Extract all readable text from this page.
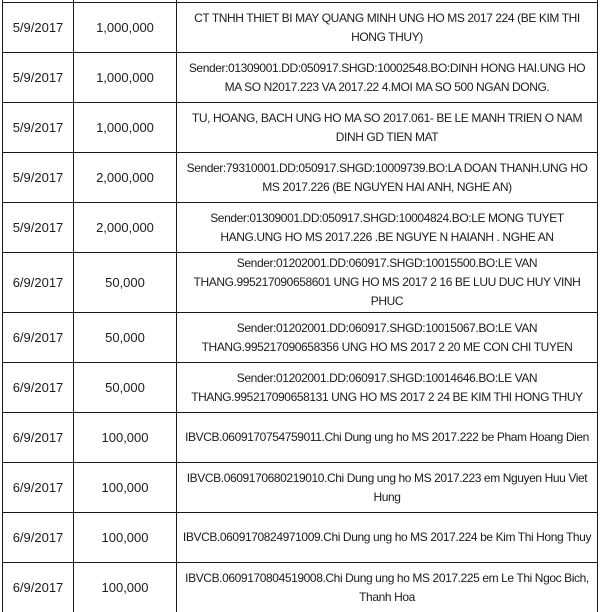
5/9/2017	1,000,000	CT TNHH THIET BI MAY QUANG MINH UNG HO MS 2017 224 (BE KIM THI HONG THUY)
5/9/2017	1,000,000	Sender:01309001.DD:050917.SHGD:10002548.BO:DINH HONG HAI.UNG HO MA SO N2017.223 VA 2017.22 4.MOI MA SO 500 NGAN DONG.
5/9/2017	1,000,000	TU, HOANG, BACH UNG HO MA SO 2017.061- BE LE MANH TRIEN O NAM DINH GD TIEN MAT
5/9/2017	2,000,000	Sender:79310001.DD:050917.SHGD:10009739.BO:LA DOAN THANH.UNG HO MS 2017.226 (BE NGUYEN HAI ANH, NGHE AN)
5/9/2017	2,000,000	Sender:01309001.DD:050917.SHGD:10004824.BO:LE MONG TUYET HANG.UNG HO MS 2017.226 .BE NGUYE N HAIANH . NGHE AN
6/9/2017	50,000	Sender:01202001.DD:060917.SHGD:10015500.BO:LE VAN THANG.995217090658601 UNG HO MS 2017 2 16 BE LUU DUC HUY VINH PHUC
6/9/2017	50,000	Sender:01202001.DD:060917.SHGD:10015067.BO:LE VAN THANG.995217090658356 UNG HO MS 2017 2 20 ME CON CHI TUYEN
6/9/2017	50,000	Sender:01202001.DD:060917.SHGD:10014646.BO:LE VAN THANG.995217090658131 UNG HO MS 2017 2 24 BE KIM THI HONG THUY
6/9/2017	100,000	IBVCB.0609170754759011.Chi Dung ung ho MS 2017.222 be Pham Hoang Dien
6/9/2017	100,000	IBVCB.0609170680219010.Chi Dung ung ho MS 2017.223 em Nguyen Huu Viet Hung
6/9/2017	100,000	IBVCB.0609170824971009.Chi Dung ung ho MS 2017.224 be Kim Thi Hong Thuy
6/9/2017	100,000	IBVCB.0609170804519008.Chi Dung ung ho MS 2017.225 em Le Thi Ngoc Bich, Thanh Hoa
